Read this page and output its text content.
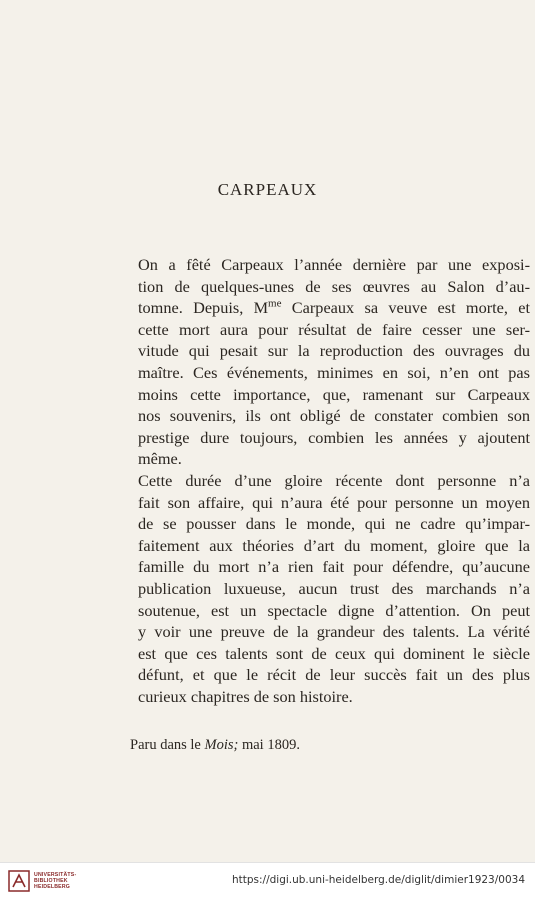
CARPEAUX

On a fêté Carpeaux l’année dernière par une exposi-
tion de quelques-unes de ses œuvres au Salon d’au-
tomne. Depuis, $M^{me}$ Carpeaux sa veuve est morte, et
cette mort aura pour résultat de faire cesser une ser-
vitude qui pesait sur la reproduction des ouvrages du
maître. Ces événements, minimes en soi, n’en ont pas
moins cette importance, que, ramenant sur Carpeaux
nos souvenirs, ils ont obligé de constater combien son
prestige dure toujours, combien les années y ajoutent
même.

Cette durée d’une gloire récente dont personne n’a
fait son affaire, qui n’aura été pour personne un moyen
de se pousser dans le monde, qui ne cadre qu’impar-
faitement aux théories d’art du moment, gloire que la
famille du mort n’a rien fait pour défendre, qu’aucune
publication luxueuse, aucun trust des marchands n’a
soutenue, est un spectacle digne d’attention. On peut
y voir une preuve de la grandeur des talents. La vérité
est que ces talents sont de ceux qui dominent le siècle
défunt, et que le récit de leur succès fait un des plus
curieux chapitres de son histoire.

Paru dans le Mois; mai 1809.
UNIVERSITÄTS-
BIBLIOTHEK
HEIDELBERG
https://digi.ub.uni-heidelberg.de/diglit/dimier1923/0034
